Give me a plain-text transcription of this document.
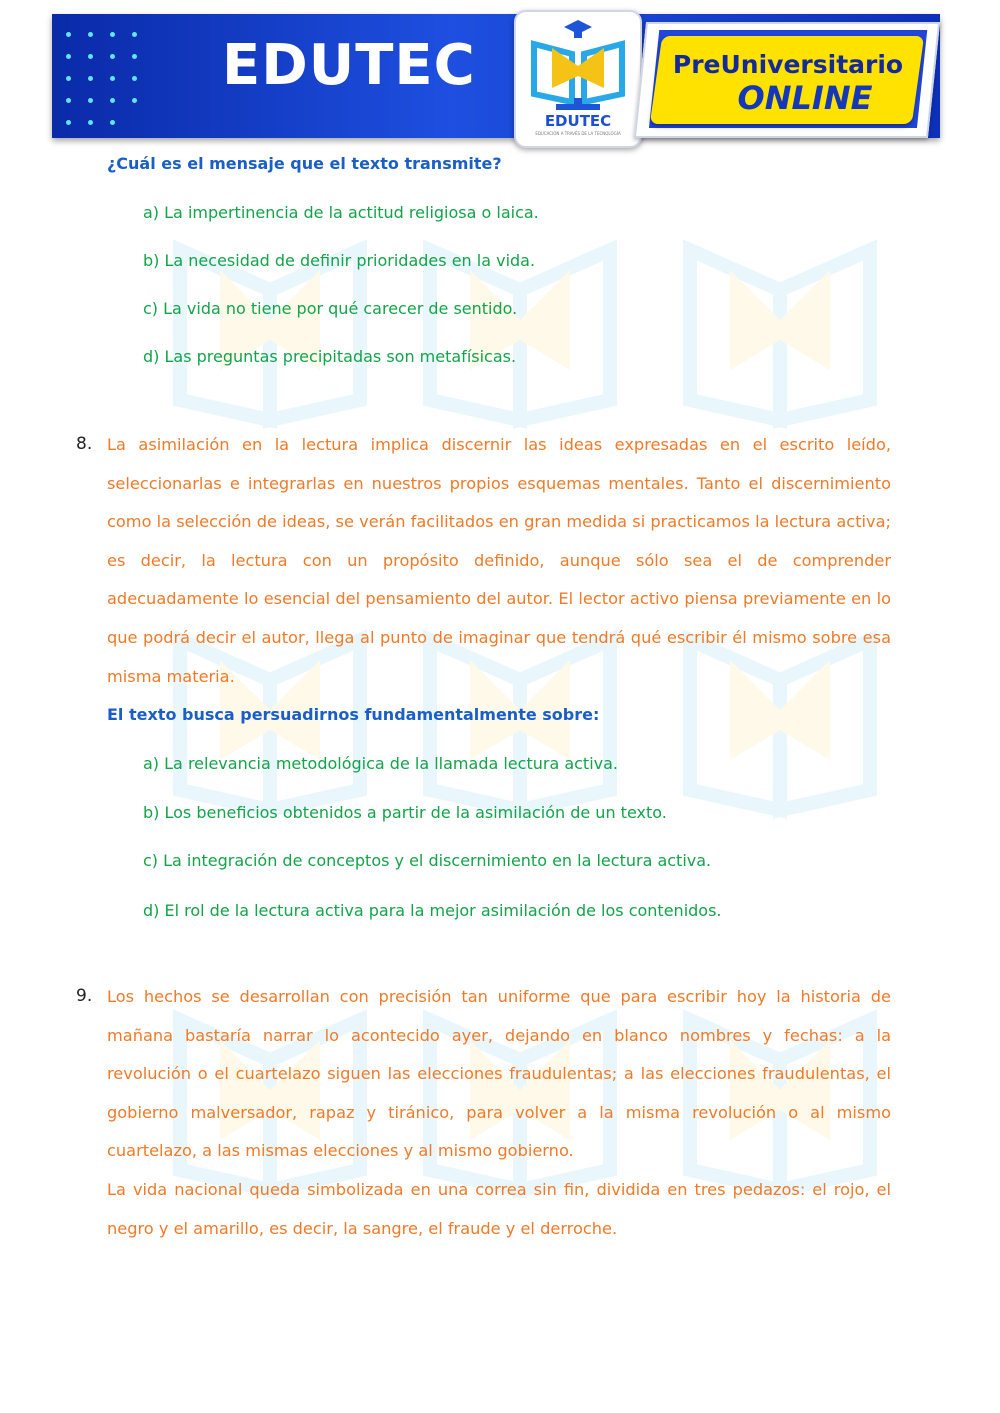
EDUTEC
EDUTEC
EDUCACIÓN A TRAVÉS DE LA TECNOLOGÍA
PreUniversitario
ONLINE
¿Cuál es el mensaje que el texto transmite?
a) La impertinencia de la actitud religiosa o laica.
b) La necesidad de definir prioridades en la vida.
c) La vida no tiene por qué carecer de sentido.
d) Las preguntas precipitadas son metafísicas.
8. La asimilación en la lectura implica discernir las ideas expresadas en el escrito leído, seleccionarlas e integrarlas en nuestros propios esquemas mentales. Tanto el discernimiento como la selección de ideas, se verán facilitados en gran medida si practicamos la lectura activa; es decir, la lectura con un propósito definido, aunque sólo sea el de comprender adecuadamente lo esencial del pensamiento del autor. El lector activo piensa previamente en lo que podrá decir el autor, llega al punto de imaginar que tendrá qué escribir él mismo sobre esa misma materia.
El texto busca persuadirnos fundamentalmente sobre:
a) La relevancia metodológica de la llamada lectura activa.
b) Los beneficios obtenidos a partir de la asimilación de un texto.
c) La integración de conceptos y el discernimiento en la lectura activa.
d) El rol de la lectura activa para la mejor asimilación de los contenidos.
9. Los hechos se desarrollan con precisión tan uniforme que para escribir hoy la historia de mañana bastaría narrar lo acontecido ayer, dejando en blanco nombres y fechas: a la revolución o el cuartelazo siguen las elecciones fraudulentas; a las elecciones fraudulentas, el gobierno malversador, rapaz y tiránico, para volver a la misma revolución o al mismo cuartelazo, a las mismas elecciones y al mismo gobierno.
La vida nacional queda simbolizada en una correa sin fin, dividida en tres pedazos: el rojo, el negro y el amarillo, es decir, la sangre, el fraude y el derroche.
